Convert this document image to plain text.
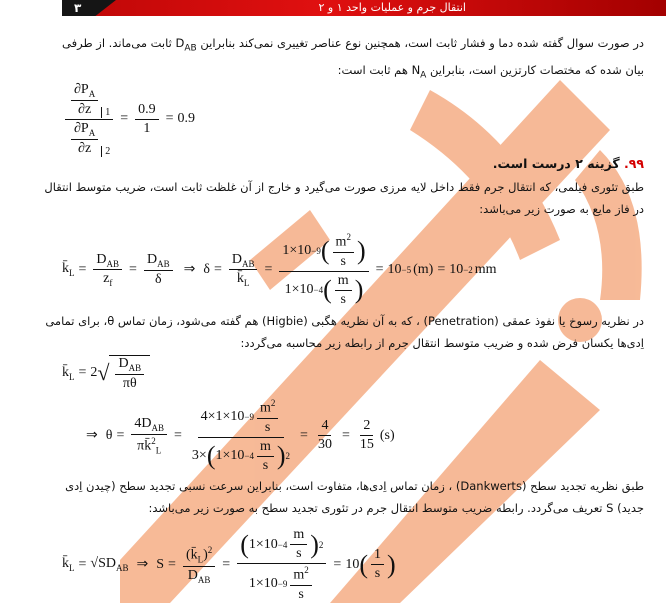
۳	انتقال جرم و عملیات واحد ۱ و ۲

در صورت سوال گفته شده دما و فشار ثابت است، همچنین نوع عناصر تغییری نمی‌کند بنابراین $D_{AB}$ ثابت می‌ماند. از طرفی

بیان شده که مختصات کارتزین است، بنابراین $N_A$ هم ثابت است:

$\frac{\frac{\partial P_A}{\partial z} 1}{\frac{\partial P_A}{\partial z} 2} = \frac{0.9}{1} = 0.9$
۹۹. گزینه ۲ درست است.

طبق تئوری فیلمی، که انتقال جرم فقط داخل لایه مرزی صورت می‌گیرد و خارج از آن غلظت ثابت است، ضریب متوسط انتقال

در فاز مایع به صورت زیر می‌باشد:

$k̄_L = \frac{D_{AB}}{z_f} = \frac{D_{AB}}{\delta}$ ⇒ $\delta = \frac{D_{AB}}{k̄_L} = \frac{1\times 10 -9 ( \frac{m^2}{s} )}{1\times 10 -4 ( \frac{m}{s} )} = 10 -5$ (m) = 10 −2 mm

در نظریه رسوخ یا نفوذ عمقی (Penetration) ، که به آن نظریه هگبی (Higbie) هم گفته می‌شود، زمان تماس θ، برای تمامی

اِدی‌ها یکسان فرض شده و ضریب متوسط انتقال جرم از رابطه زیر محاسبه می‌گردد:

$k̄_L = 2$ √ $\frac{D_{AB}}{\pi\theta}$
⇒ $\theta = \frac{4D_{AB}}{\pi k̄^2_L} = \frac{4\times 1\times 10 -9 \frac{m^2}{s}}{3\times ( 1\times 10 -4 \frac{m}{s} ) 2} = \frac{4}{30} = \frac{2}{15} (s)$

طبق نظریه تجدید سطح (Dankwerts) ، زمان تماس اِدی‌ها، متفاوت است، بنابراین سرعت نسبی تجدید سطح (چیدن اِدی

جدید) S تعریف می‌گردد. رابطه ضریب متوسط انتقال جرم در تئوری تجدید سطح به صورت زیر می‌باشد:

$k̄_L = √SD_{AB}$ ⇒ $S = \frac{(k̄_L)^2}{D_{AB}} = \frac{( 1\times 10 -4 \frac{m}{s} ) 2}{1\times 10 -9 \frac{m^2}{s}} = 10$ ( $\frac{1}{s}$ )
